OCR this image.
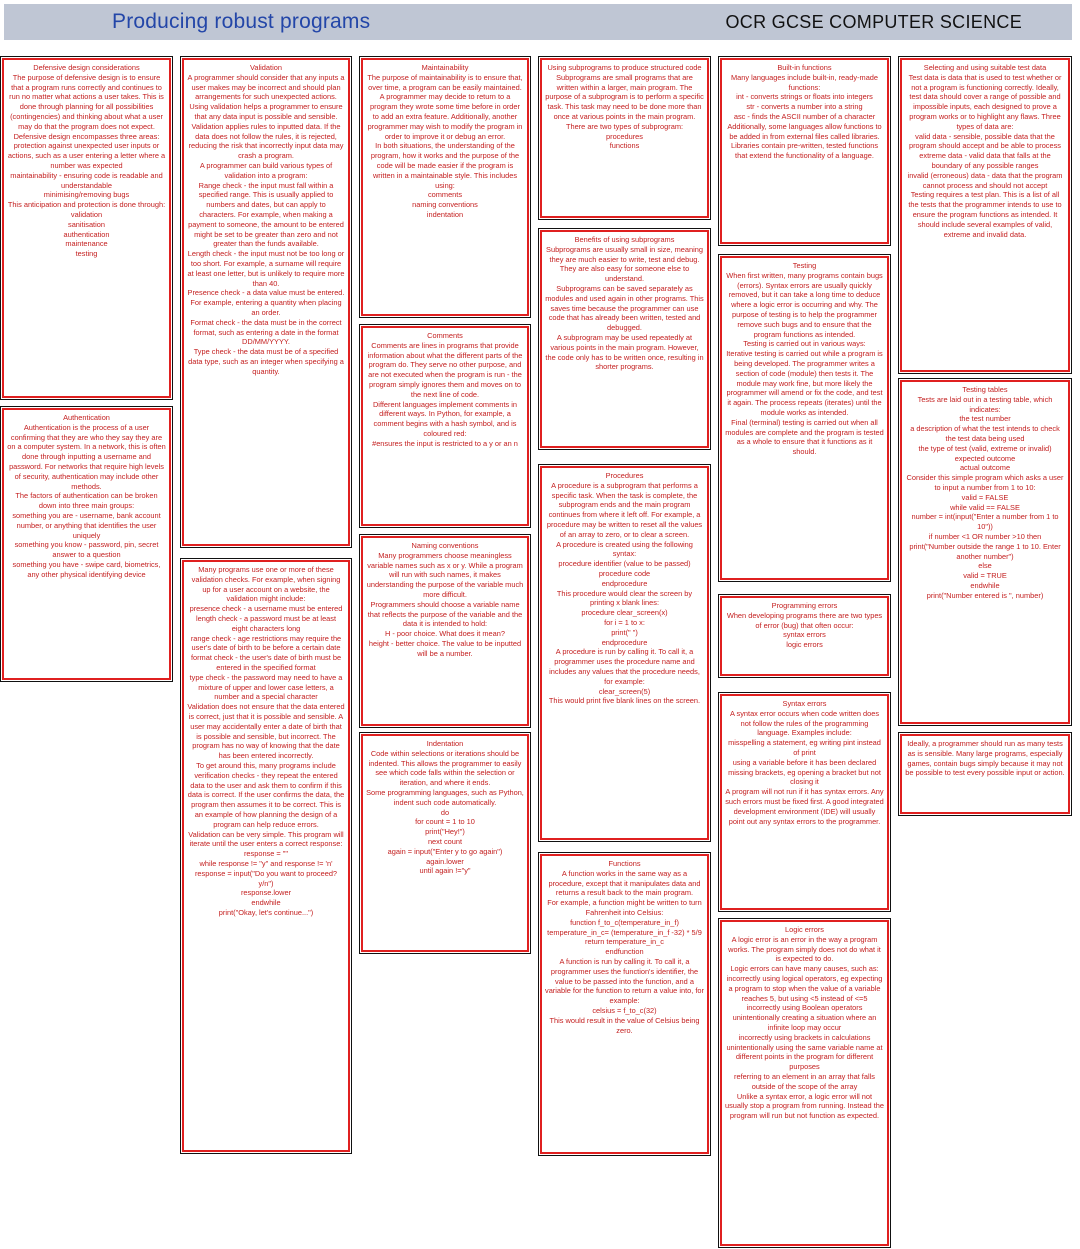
Producing robust programs	OCR GCSE COMPUTER SCIENCE
Defensive design considerations
The purpose of defensive design is to ensure that a program runs correctly and continues to run no matter what actions a user takes. This is done through planning for all possibilities (contingencies) and thinking about what a user may do that the program does not expect.
Defensive design encompasses three areas:
protection against unexpected user inputs or actions, such as a user entering a letter where a number was expected
maintainability - ensuring code is readable and understandable
minimising/removing bugs
This anticipation and protection is done through:
validation
sanitisation
authentication
maintenance
testing
Authentication
Authentication is the process of a user confirming that they are who they say they are on a computer system. In a network, this is often done through inputting a username and password. For networks that require high levels of security, authentication may include other methods.
The factors of authentication can be broken down into three main groups:
something you are - username, bank account number, or anything that identifies the user uniquely
something you know - password, pin, secret answer to a question
something you have - swipe card, biometrics, any other physical identifying device
Validation
A programmer should consider that any inputs a user makes may be incorrect and should plan arrangements for such unexpected actions. Using validation helps a programmer to ensure that any data input is possible and sensible.
Validation applies rules to inputted data. If the data does not follow the rules, it is rejected, reducing the risk that incorrectly input data may crash a program.
A programmer can build various types of validation into a program:
Range check - the input must fall within a specified range. This is usually applied to numbers and dates, but can apply to characters. For example, when making a payment to someone, the amount to be entered might be set to be greater than zero and not greater than the funds available.
Length check - the input must not be too long or too short. For example, a surname will require at least one letter, but is unlikely to require more than 40.
Presence check - a data value must be entered. For example, entering a quantity when placing an order.
Format check - the data must be in the correct format, such as entering a date in the format DD/MM/YYYY.
Type check - the data must be of a specified data type, such as an integer when specifying a quantity.
Many programs use one or more of these validation checks. For example, when signing up for a user account on a website, the validation might include:
presence check - a username must be entered
length check - a password must be at least eight characters long
range check - age restrictions may require the user's date of birth to be before a certain date
format check - the user's date of birth must be entered in the specified format
type check - the password may need to have a mixture of upper and lower case letters, a number and a special character
Validation does not ensure that the data entered is correct, just that it is possible and sensible. A user may accidentally enter a date of birth that is possible and sensible, but incorrect. The program has no way of knowing that the date has been entered incorrectly.
To get around this, many programs include verification checks - they repeat the entered data to the user and ask them to confirm if this data is correct. If the user confirms the data, the program then assumes it to be correct. This is an example of how planning the design of a program can help reduce errors.
Validation can be very simple. This program will iterate until the user enters a correct response:
response = ""
while response != "y" and response != 'n'
response = input("Do you want to proceed? y/n")
response.lower
endwhile
print("Okay, let's continue...")
Maintainability
The purpose of maintainability is to ensure that, over time, a program can be easily maintained.
A programmer may decide to return to a program they wrote some time before in order to add an extra feature. Additionally, another programmer may wish to modify the program in order to improve it or debug an error.
In both situations, the understanding of the program, how it works and the purpose of the code will be made easier if the program is written in a maintainable style. This includes using:
comments
naming conventions
indentation
Comments
Comments are lines in programs that provide information about what the different parts of the program do. They serve no other purpose, and are not executed when the program is run - the program simply ignores them and moves on to the next line of code.
Different languages implement comments in different ways. In Python, for example, a comment begins with a hash symbol, and is coloured red:
#ensures the input is restricted to a y or an n
Naming conventions
Many programmers choose meaningless variable names such as x or y. While a program will run with such names, it makes understanding the purpose of the variable much more difficult.
Programmers should choose a variable name that reflects the purpose of the variable and the data it is intended to hold:
H - poor choice. What does it mean?
height - better choice. The value to be inputted will be a number.
Indentation
Code within selections or iterations should be indented. This allows the programmer to easily see which code falls within the selection or iteration, and where it ends.
Some programming languages, such as Python, indent such code automatically.
do
for count = 1 to 10
print("Hey!")
next count
again = input("Enter y to go again")
again.lower
until again !="y"
Using subprograms to produce structured code
Subprograms are small programs that are written within a larger, main program. The purpose of a subprogram is to perform a specific task. This task may need to be done more than once at various points in the main program.
There are two types of subprogram:
procedures
functions
Benefits of using subprograms
Subprograms are usually small in size, meaning they are much easier to write, test and debug. They are also easy for someone else to understand.
Subprograms can be saved separately as modules and used again in other programs. This saves time because the programmer can use code that has already been written, tested and debugged.
A subprogram may be used repeatedly at various points in the main program. However, the code only has to be written once, resulting in shorter programs.
Procedures
A procedure is a subprogram that performs a specific task. When the task is complete, the subprogram ends and the main program continues from where it left off. For example, a procedure may be written to reset all the values of an array to zero, or to clear a screen.
A procedure is created using the following syntax:
procedure identifier (value to be passed)
procedure code
endprocedure
This procedure would clear the screen by printing x blank lines:
procedure clear_screen(x)
for i = 1 to x:
print(" ")
endprocedure
A procedure is run by calling it. To call it, a programmer uses the procedure name and includes any values that the procedure needs, for example:
clear_screen(5)
This would print five blank lines on the screen.
Functions
A function works in the same way as a procedure, except that it manipulates data and returns a result back to the main program.
For example, a function might be written to turn Fahrenheit into Celsius:
function f_to_c(temperature_in_f)
temperature_in_c= (temperature_in_f -32) * 5/9
return temperature_in_c
endfunction
A function is run by calling it. To call it, a programmer uses the function's identifier, the value to be passed into the function, and a variable for the function to return a value into, for example:
celsius = f_to_c(32)
This would result in the value of Celsius being zero.
Built-in functions
Many languages include built-in, ready-made functions:
int - converts strings or floats into integers
str - converts a number into a string
asc - finds the ASCII number of a character
Additionally, some languages allow functions to be added in from external files called libraries. Libraries contain pre-written, tested functions that extend the functionality of a language.
Testing
When first written, many programs contain bugs (errors). Syntax errors are usually quickly removed, but it can take a long time to deduce where a logic error is occurring and why. The purpose of testing is to help the programmer remove such bugs and to ensure that the program functions as intended.
Testing is carried out in various ways:
Iterative testing is carried out while a program is being developed. The programmer writes a section of code (module) then tests it. The module may work fine, but more likely the programmer will amend or fix the code, and test it again. The process repeats (iterates) until the module works as intended.
Final (terminal) testing is carried out when all modules are complete and the program is tested as a whole to ensure that it functions as it should.
Programming errors
When developing programs there are two types of error (bug) that often occur:
syntax errors
logic errors
Syntax errors
A syntax error occurs when code written does not follow the rules of the programming language. Examples include:
misspelling a statement, eg writing pint instead of print
using a variable before it has been declared
missing brackets, eg opening a bracket but not closing it
A program will not run if it has syntax errors. Any such errors must be fixed first. A good integrated development environment (IDE) will usually point out any syntax errors to the programmer.
Logic errors
A logic error is an error in the way a program works. The program simply does not do what it is expected to do.
Logic errors can have many causes, such as:
incorrectly using logical operators, eg expecting a program to stop when the value of a variable reaches 5, but using <5 instead of <=5
incorrectly using Boolean operators
unintentionally creating a situation where an infinite loop may occur
incorrectly using brackets in calculations
unintentionally using the same variable name at different points in the program for different purposes
referring to an element in an array that falls outside of the scope of the array
Unlike a syntax error, a logic error will not usually stop a program from running. Instead the program will run but not function as expected.
Selecting and using suitable test data
Test data is data that is used to test whether or not a program is functioning correctly. Ideally, test data should cover a range of possible and impossible inputs, each designed to prove a program works or to highlight any flaws. Three types of data are:
valid data - sensible, possible data that the program should accept and be able to process
extreme data - valid data that falls at the boundary of any possible ranges
invalid (erroneous) data - data that the program cannot process and should not accept
Testing requires a test plan. This is a list of all the tests that the programmer intends to use to ensure the program functions as intended. It should include several examples of valid, extreme and invalid data.
Testing tables
Tests are laid out in a testing table, which indicates:
the test number
a description of what the test intends to check
the test data being used
the type of test (valid, extreme or invalid)
expected outcome
actual outcome
Consider this simple program which asks a user to input a number from 1 to 10:
valid = FALSE
while valid == FALSE
number = int(input("Enter a number from 1 to 10"))
if number <1 OR number >10 then
print("Number outside the range 1 to 10. Enter another number")
else
valid = TRUE
endwhile
print("Number entered is ", number)
Ideally, a programmer should run as many tests as is sensible. Many large programs, especially games, contain bugs simply because it may not be possible to test every possible input or action.
